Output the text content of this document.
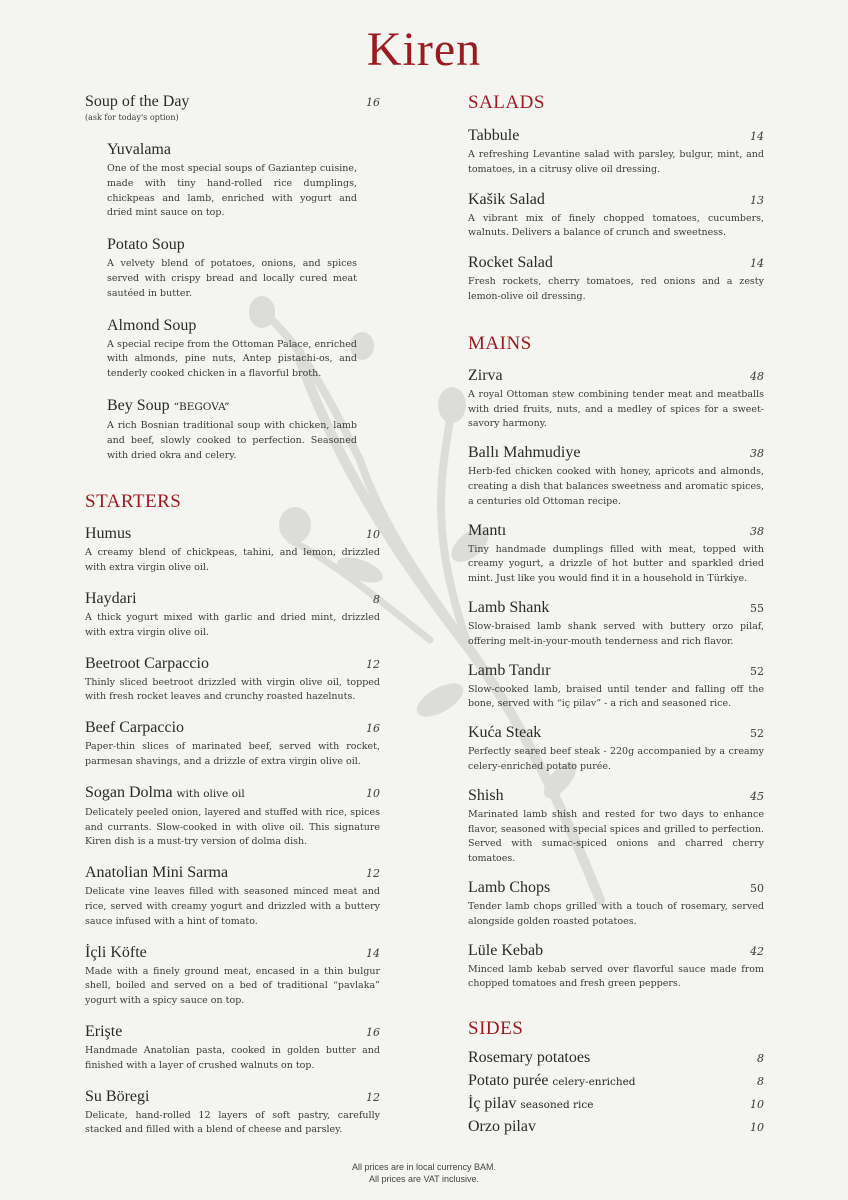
Kiren
Soup of the Day	16
(ask for today's option)
Yuvalama
One of the most special soups of Gaziantep cuisine, made with tiny hand-rolled rice dumplings, chickpeas and lamb, enriched with yogurt and dried mint sauce on top.
Potato Soup
A velvety blend of potatoes, onions, and spices served with crispy bread and locally cured meat sautéed in butter.
Almond Soup
A special recipe from the Ottoman Palace, enriched with almonds, pine nuts, Antep pistachi-os, and tenderly cooked chicken in a flavorful broth.
Bey Soup “BEGOVA”
A rich Bosnian traditional soup with chicken, lamb and beef, slowly cooked to perfection. Seasoned with dried okra and celery.
STARTERS
Humus	10
A creamy blend of chickpeas, tahini, and lemon, drizzled with extra virgin olive oil.
Haydari	8
A thick yogurt mixed with garlic and dried mint, drizzled with extra virgin olive oil.
Beetroot Carpaccio	12
Thinly sliced beetroot drizzled with virgin olive oil, topped with fresh rocket leaves and crunchy roasted hazelnuts.
Beef Carpaccio	16
Paper-thin slices of marinated beef, served with rocket, parmesan shavings, and a drizzle of extra virgin olive oil.
Sogan Dolma with olive oil	10
Delicately peeled onion, layered and stuffed with rice, spices and currants. Slow-cooked in with olive oil. This signature Kiren dish is a must-try version of dolma dish.
Anatolian Mini Sarma	12
Delicate vine leaves filled with seasoned minced meat and rice, served with creamy yogurt and drizzled with a buttery sauce infused with a hint of tomato.
İçli Köfte	14
Made with a finely ground meat, encased in a thin bulgur shell, boiled and served on a bed of traditional “pavlaka” yogurt with a spicy sauce on top.
Erişte	16
Handmade Anatolian pasta, cooked in golden butter and finished with a layer of crushed walnuts on top.
Su Böregi	12
Delicate, hand-rolled 12 layers of soft pastry, carefully stacked and filled with a blend of cheese and parsley.
SALADS
Tabbule	14
A refreshing Levantine salad with parsley, bulgur, mint, and tomatoes, in a citrusy olive oil dressing.
Kašik Salad	13
A vibrant mix of finely chopped tomatoes, cucumbers, walnuts. Delivers a balance of crunch and sweetness.
Rocket Salad	14
Fresh rockets, cherry tomatoes, red onions and a zesty lemon-olive oil dressing.
MAINS
Zirva	48
A royal Ottoman stew combining tender meat and meatballs with dried fruits, nuts, and a medley of spices for a sweet-savory harmony.
Ballı Mahmudiye	38
Herb-fed chicken cooked with honey, apricots and almonds, creating a dish that balances sweetness and aromatic spices, a centuries old Ottoman recipe.
Mantı	38
Tiny handmade dumplings filled with meat, topped with creamy yogurt, a drizzle of hot butter and sparkled dried mint. Just like you would find it in a household in Türkiye.
Lamb Shank	55
Slow-braised lamb shank served with buttery orzo pilaf, offering melt-in-your-mouth tenderness and rich flavor.
Lamb Tandır	52
Slow-cooked lamb, braised until tender and falling off the bone, served with “iç pilav” - a rich and seasoned rice.
Kuća Steak	52
Perfectly seared beef steak - 220g accompanied by a creamy celery-enriched potato purée.
Shish	45
Marinated lamb shish and rested for two days to enhance flavor, seasoned with special spices and grilled to perfection. Served with sumac-spiced onions and charred cherry tomatoes.
Lamb Chops	50
Tender lamb chops grilled with a touch of rosemary, served alongside golden roasted potatoes.
Lüle Kebab	42
Minced lamb kebab served over flavorful sauce made from chopped tomatoes and fresh green peppers.
SIDES
Rosemary potatoes	8
Potato purée celery-enriched	8
İç pilav seasoned rice	10
Orzo pilav	10
All prices are in local currency BAM.
All prices are VAT inclusive.
